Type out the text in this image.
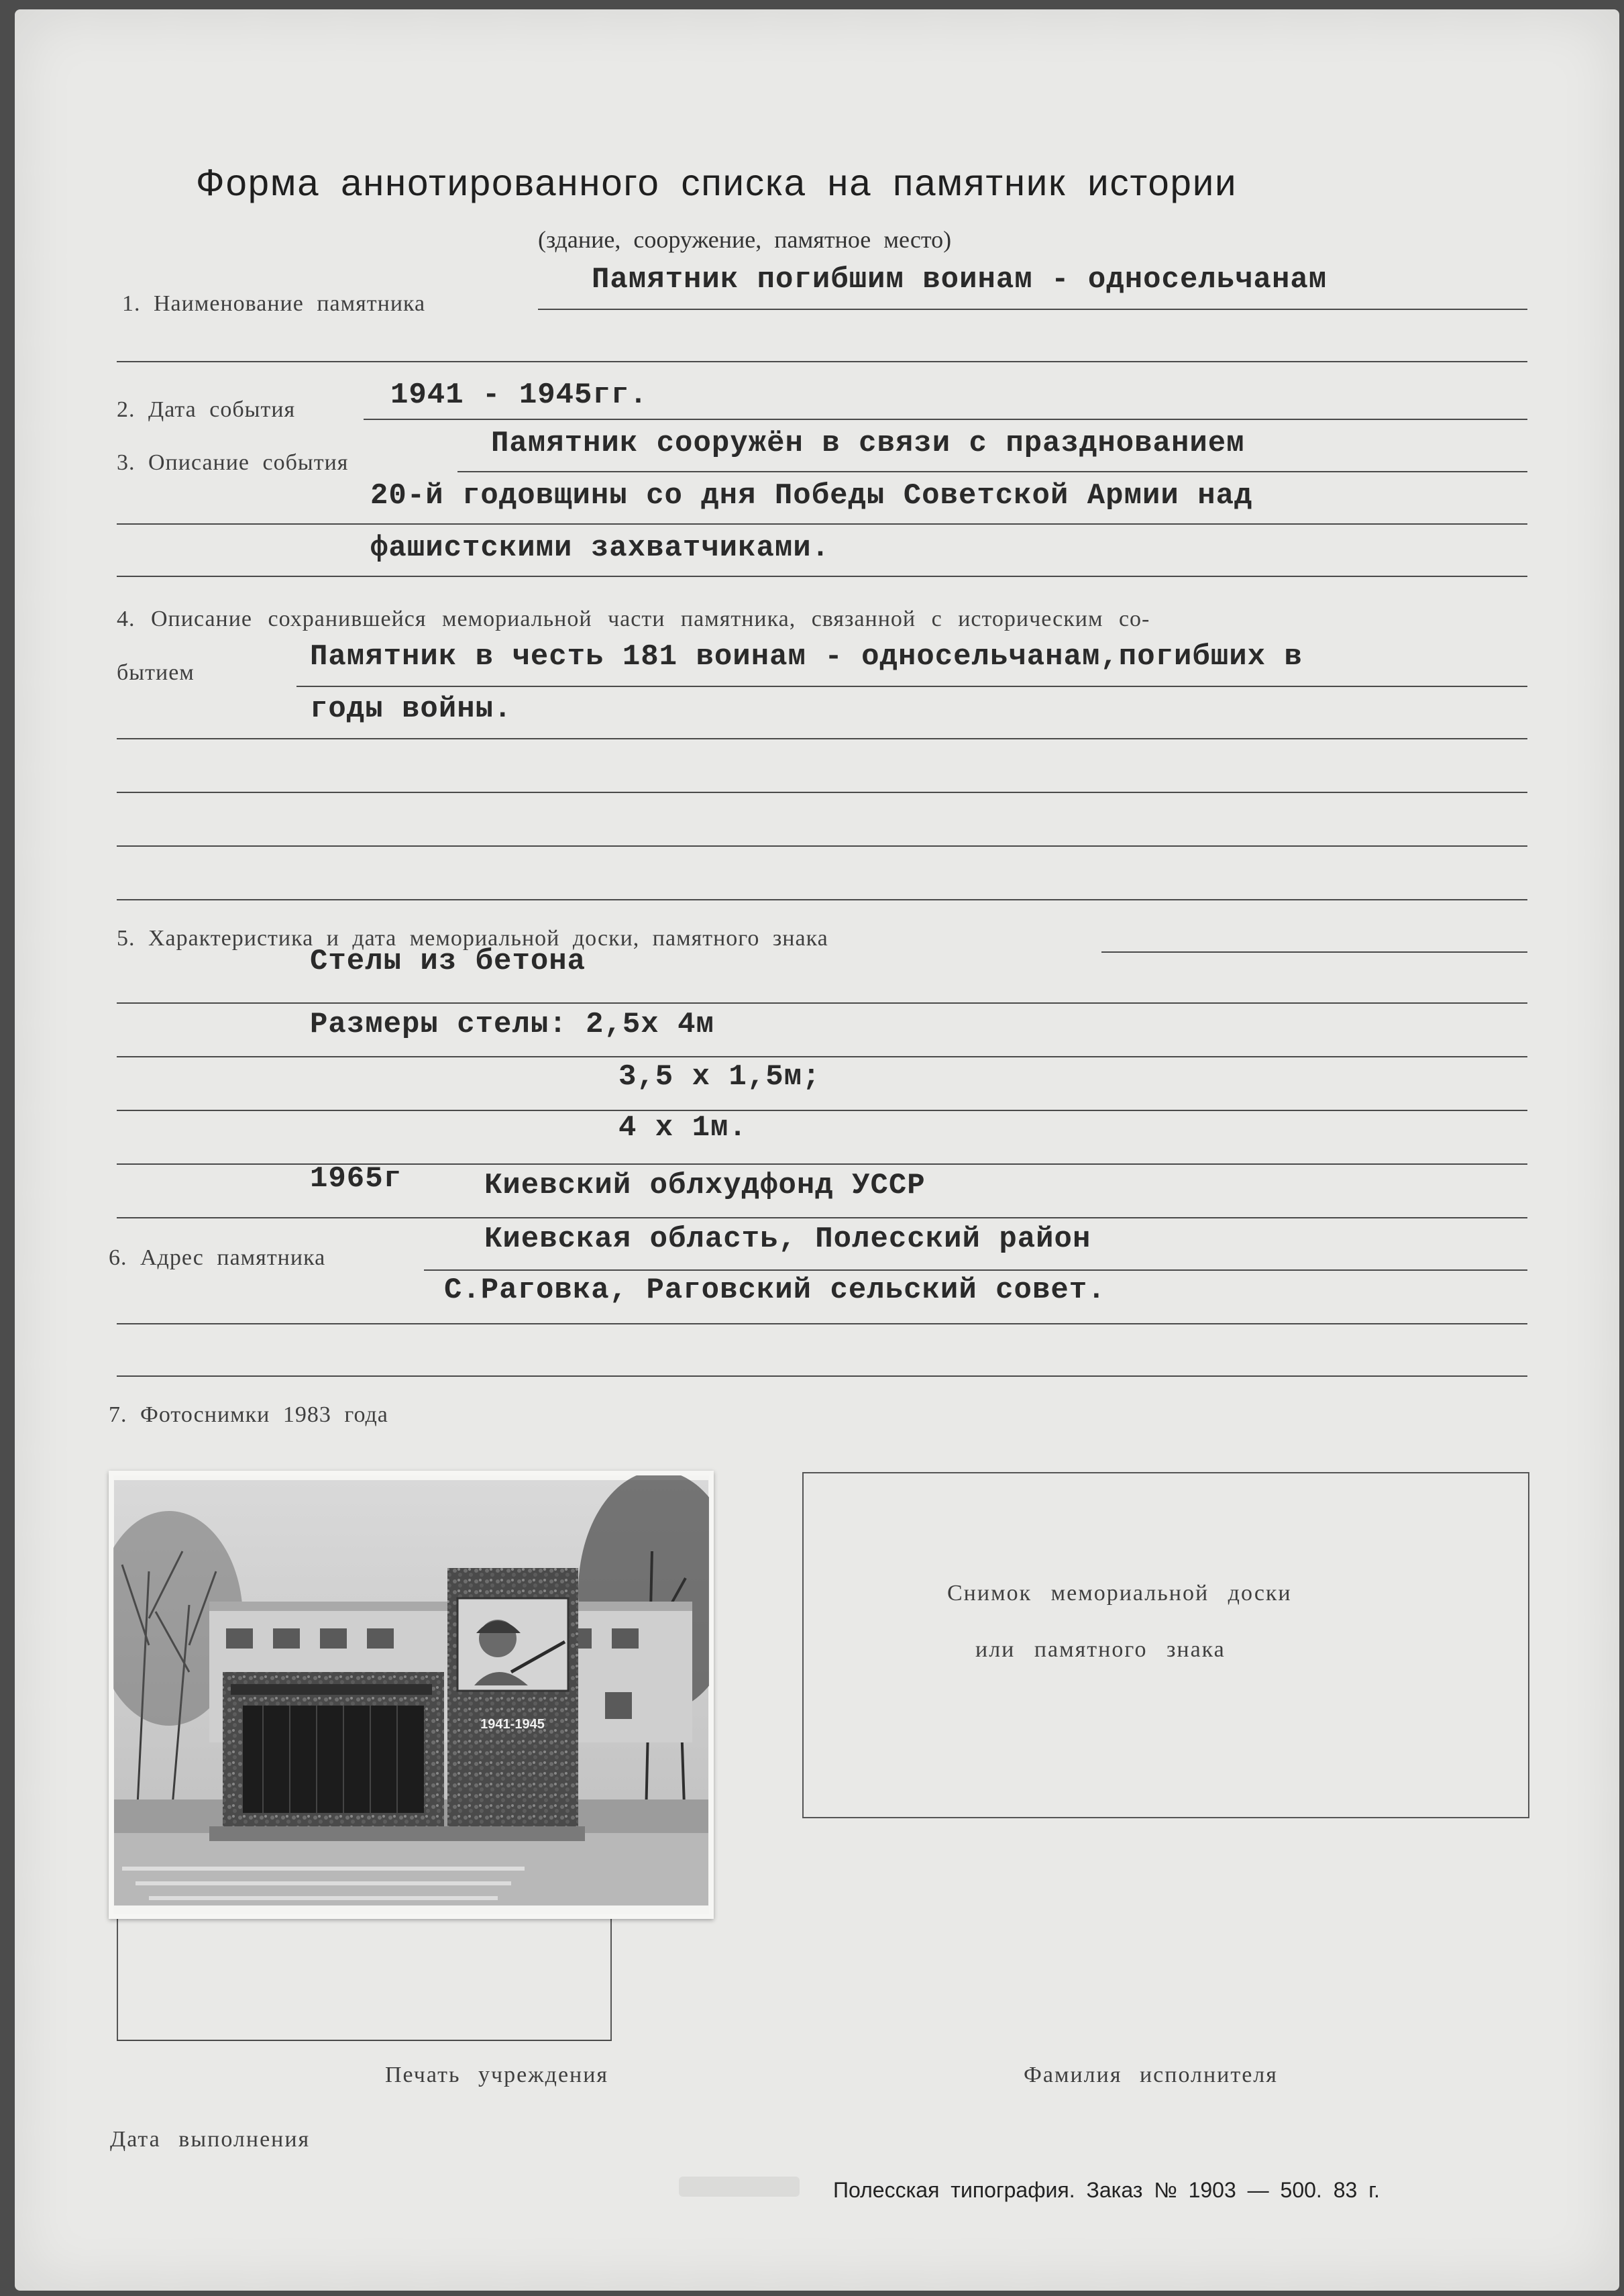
Форма аннотированного списка на памятник истории
(здание, сооружение, памятное место)
1. Наименование памятника
Памятник погибшим воинам - односельчанам
2. Дата события	1941 - 1945гг.
3. Описание события
Памятник сооружён в связи с празднованием
20-й годовщины со дня Победы Советской Армии над
фашистскими захватчиками.
4. Описание сохранившейся мемориальной части памятника, связанной с историческим со-
бытием	Памятник в честь 181 воинам - односельчанам,погибших в
годы войны.
5. Характеристика и дата мемориальной доски, памятного знака
Стелы из бетона
Размеры стелы: 2,5х 4м
3,5 х 1,5м;
4 х 1м.
1965г	Киевский облхудфонд УССР
6. Адрес памятника
Киевская область, Полесский район
С.Раговка, Раговский сельский совет.
7. Фотоснимки 1983 года
1941-1945
Снимок мемориальной доски
или памятного знака
Печать учреждения	Фамилия исполнителя
Дата выполнения
Полесская типография. Заказ № 1903 — 500. 83 г.
